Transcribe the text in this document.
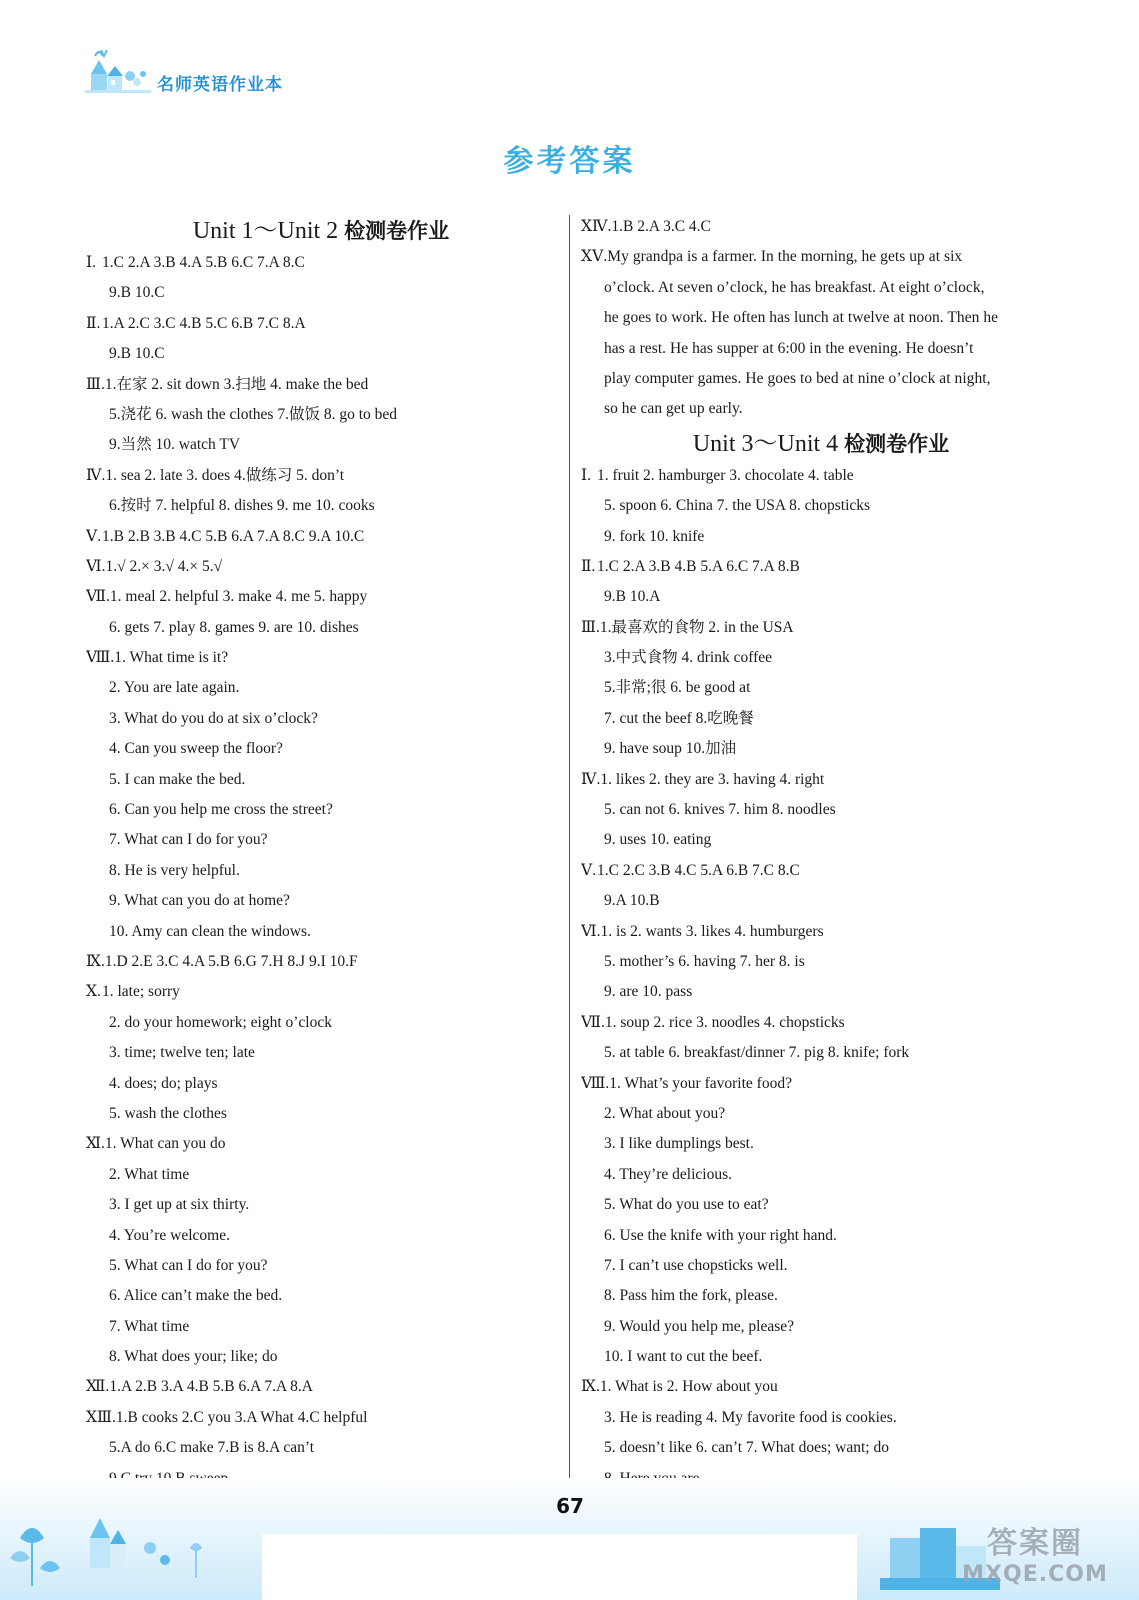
名师英语作业本
参考答案
Unit 1～Unit 2 检测卷作业
Ⅰ. 1.C 2.A 3.B 4.A 5.B 6.C 7.A 8.C
9.B 10.C
Ⅱ. 1.A 2.C 3.C 4.B 5.C 6.B 7.C 8.A
9.B 10.C
Ⅲ.1.在家 2. sit down 3.扫地 4. make the bed
5.浇花 6. wash the clothes 7.做饭 8. go to bed
9.当然 10. watch TV
Ⅳ.1. sea 2. late 3. does 4.做练习 5. don’t
6.按时 7. helpful 8. dishes 9. me 10. cooks
Ⅴ.1.B 2.B 3.B 4.C 5.B 6.A 7.A 8.C 9.A 10.C
Ⅵ.1.√ 2.× 3.√ 4.× 5.√
Ⅶ.1. meal 2. helpful 3. make 4. me 5. happy
6. gets 7. play 8. games 9. are 10. dishes
Ⅷ.1. What time is it?
2. You are late again.
3. What do you do at six o’clock?
4. Can you sweep the floor?
5. I can make the bed.
6. Can you help me cross the street?
7. What can I do for you?
8. He is very helpful.
9. What can you do at home?
10. Amy can clean the windows.
Ⅸ.1.D 2.E 3.C 4.A 5.B 6.G 7.H 8.J 9.I 10.F
Ⅹ.1. late; sorry
2. do your homework; eight o’clock
3. time; twelve ten; late
4. does; do; plays
5. wash the clothes
Ⅺ.1. What can you do
2. What time
3. I get up at six thirty.
4. You’re welcome.
5. What can I do for you?
6. Alice can’t make the bed.
7. What time
8. What does your; like; do
Ⅻ.1.A 2.B 3.A 4.B 5.B 6.A 7.A 8.A
ⅩⅢ.1.B cooks 2.C you 3.A What 4.C helpful
5.A do 6.C make 7.B is 8.A can’t
ⅩⅣ.1.B 2.A 3.C 4.C
ⅩⅤ.My grandpa is a farmer. In the morning, he gets up at six
o’clock. At seven o’clock, he has breakfast. At eight o’clock,
he goes to work. He often has lunch at twelve at noon. Then he
has a rest. He has supper at 6:00 in the evening. He doesn’t
play computer games. He goes to bed at nine o’clock at night,
so he can get up early.
Unit 3～Unit 4 检测卷作业
Ⅰ. 1. fruit 2. hamburger 3. chocolate 4. table
5. spoon 6. China 7. the USA 8. chopsticks
9. fork 10. knife
Ⅱ. 1.C 2.A 3.B 4.B 5.A 6.C 7.A 8.B
9.B 10.A
Ⅲ.1.最喜欢的食物 2. in the USA
3.中式食物 4. drink coffee
5.非常;很 6. be good at
7. cut the beef 8.吃晚餐
9. have soup 10.加油
Ⅳ.1. likes 2. they are 3. having 4. right
5. can not 6. knives 7. him 8. noodles
9. uses 10. eating
Ⅴ.1.C 2.C 3.B 4.C 5.A 6.B 7.C 8.C
9.A 10.B
Ⅵ.1. is 2. wants 3. likes 4. humburgers
5. mother’s 6. having 7. her 8. is
9. are 10. pass
Ⅶ.1. soup 2. rice 3. noodles 4. chopsticks
5. at table 6. breakfast/dinner 7. pig 8. knife; fork
Ⅷ.1. What’s your favorite food?
2. What about you?
3. I like dumplings best.
4. They’re delicious.
5. What do you use to eat?
6. Use the knife with your right hand.
7. I can’t use chopsticks well.
8. Pass him the fork, please.
9. Would you help me, please?
10. I want to cut the beef.
Ⅸ.1. What is 2. How about you
3. He is reading 4. My favorite food is cookies.
5. doesn’t like 6. can’t 7. What does; want; do
67
答案圈
MXQE.COM
